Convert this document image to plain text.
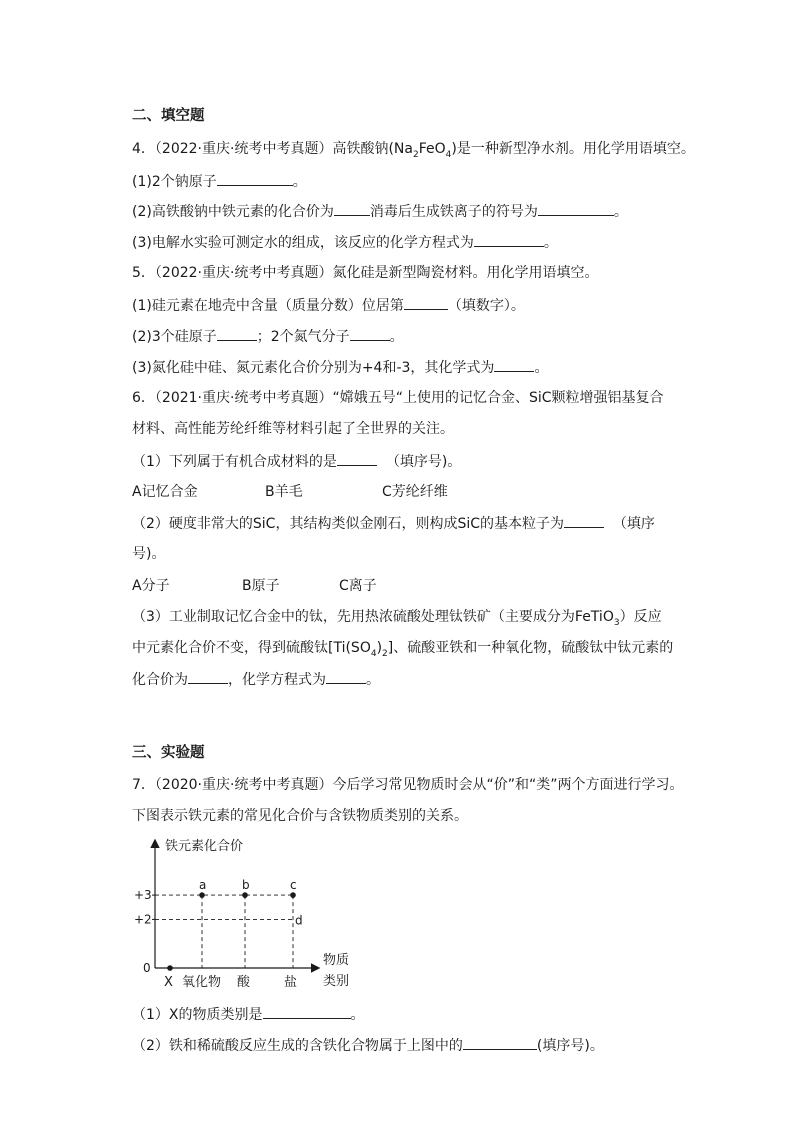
二、填空题
4．（2022·重庆·统考中考真题）高铁酸钠$(Na_2FeO_4)$是一种新型净水剂。用化学用语填空。
(1)2个钠原子	。
(2)高铁酸钠中铁元素的化合价为	消毒后生成铁离子的符号为	。
(3)电解水实验可测定水的组成，该反应的化学方程式为	。
5．（2022·重庆·统考中考真题）氮化硅是新型陶瓷材料。用化学用语填空。
(1)硅元素在地壳中含量（质量分数）位居第	（填数字）。
(2)3个硅原子	；2个氮气分子	。
(3)氮化硅中硅、氮元素化合价分别为+4和-3，其化学式为	。
6．（2021·重庆·统考中考真题）“嫦娥五号“上使用的记忆合金、SiC颗粒增强铝基复合
材料、高性能芳纶纤维等材料引起了全世界的关注。
（1）下列属于有机合成材料的是	（填序号)。
A记忆合金	B羊毛	C芳纶纤维
（2）硬度非常大的SiC，其结构类似金刚石，则构成SiC的基本粒子为	（填序
号)。
A分子	B原子	C离子
（3）工业制取记忆合金中的钛，先用热浓硫酸处理钛铁矿（主要成分为FeTiO$_3$）反应
中元素化合价不变，得到硫酸钛$[Ti(SO_4)_2]$、硫酸亚铁和一种氧化物，硫酸钛中钛元素的
化合价为	，化学方程式为	。
三、实验题
7．（2020·重庆·统考中考真题）今后学习常见物质时会从“价”和“类”两个方面进行学习。
下图表示铁元素的常见化合价与含铁物质类别的关系。
铁元素化合价
物质
类别
0
+3
+2
X 氧化物 酸	盐
a	b	c
d
（1）X的物质类别是	。
（2）铁和稀硫酸反应生成的含铁化合物属于上图中的	(填序号)。
